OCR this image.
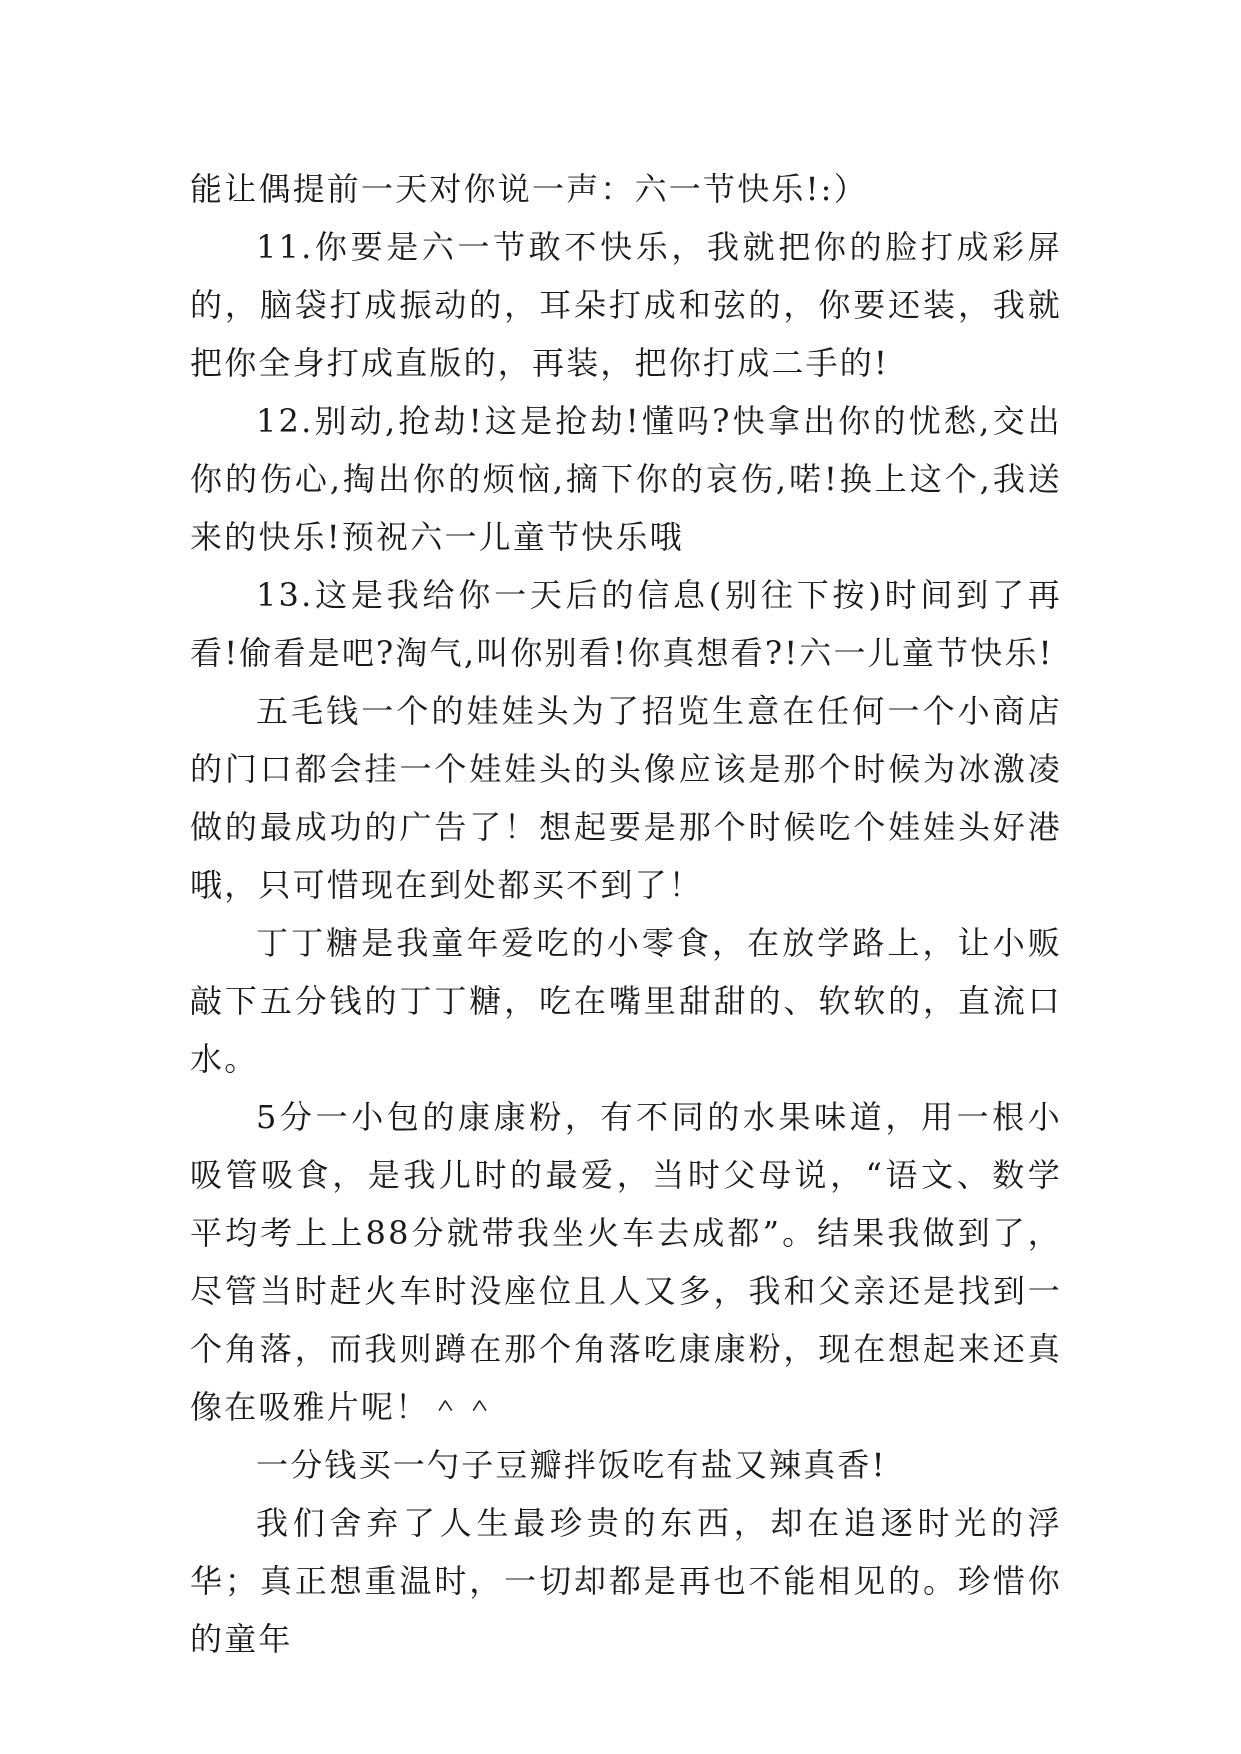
能让偶提前一天对你说一声：六一节快乐!:）

11.你要是六一节敢不快乐，我就把你的脸打成彩屏的，脑袋打成振动的，耳朵打成和弦的，你要还装，我就把你全身打成直版的，再装，把你打成二手的!

12.别动,抢劫!这是抢劫!懂吗?快拿出你的忧愁,交出你的伤心,掏出你的烦恼,摘下你的哀伤,喏!换上这个,我送来的快乐!预祝六一儿童节快乐哦

13.这是我给你一天后的信息(别往下按)时间到了再看!偷看是吧?淘气,叫你别看!你真想看?!六一儿童节快乐!

五毛钱一个的娃娃头为了招览生意在任何一个小商店的门口都会挂一个娃娃头的头像应该是那个时候为冰激凌做的最成功的广告了！想起要是那个时候吃个娃娃头好港哦，只可惜现在到处都买不到了！

丁丁糖是我童年爱吃的小零食，在放学路上，让小贩敲下五分钱的丁丁糖，吃在嘴里甜甜的、软软的，直流口水。

5分一小包的康康粉，有不同的水果味道，用一根小吸管吸食，是我儿时的最爱，当时父母说，“语文、数学平均考上上88分就带我坐火车去成都”。结果我做到了，尽管当时赶火车时没座位且人又多，我和父亲还是找到一个角落，而我则蹲在那个角落吃康康粉，现在想起来还真像在吸雅片呢！＾＾

一分钱买一勺子豆瓣拌饭吃有盐又辣真香!

我们舍弃了人生最珍贵的东西，却在追逐时光的浮华；真正想重温时，一切却都是再也不能相见的。珍惜你的童年
